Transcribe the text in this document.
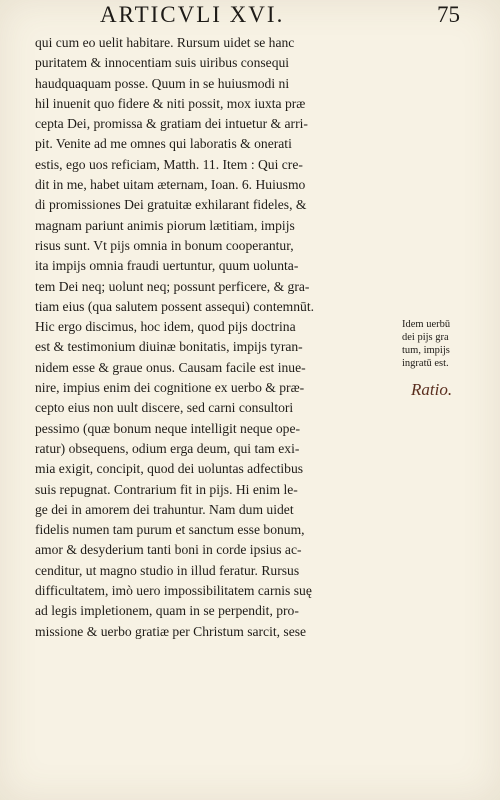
ARTICVLI XVI.	75
qui cum eo uelit habitare. Rursum uidet se hanc
puritatem & innocentiam suis uiribus consequi
haudquaquam posse. Quum in se huiusmodi ni
hil inuenit quo fidere & niti possit, mox iuxta præ
cepta Dei, promissa & gratiam dei intuetur & arri-
pit. Venite ad me omnes qui laboratis & onerati
estis, ego uos reficiam, Matth. 11. Item : Qui cre-
dit in me, habet uitam æternam, Ioan. 6. Huiusmo
di promissiones Dei gratuitæ exhilarant fideles, &
magnam pariunt animis piorum lætitiam, impijs
risus sunt. Vt pijs omnia in bonum cooperantur,
ita impijs omnia fraudi uertuntur, quum uolunta-
tem Dei neq; uolunt neq; possunt perficere, & gra-
tiam eius (qua salutem possent assequi) contemnūt.
Hic ergo discimus, hoc idem, quod pijs doctrina
est & testimonium diuinæ bonitatis, impijs tyran-
nidem esse & graue onus. Causam facile est inue-
nire, impius enim dei cognitione ex uerbo & præ-
cepto eius non uult discere, sed carni consultori
pessimo (quæ bonum neque intelligit neque ope-
ratur) obsequens, odium erga deum, qui tam exi-
mia exigit, concipit, quod dei uoluntas adfectibus
suis repugnat. Contrarium fit in pijs. Hi enim le-
ge dei in amorem dei trahuntur. Nam dum uidet
fidelis numen tam purum et sanctum esse bonum,
amor & desyderium tanti boni in corde ipsius ac-
cenditur, ut magno studio in illud feratur. Rursus
difficultatem, imò uero impossibilitatem carnis suę
ad legis impletionem, quam in se perpendit, pro-
missione & uerbo gratiæ per Christum sarcit, sese
Idem uerbū
dei pijs gra
tum, impijs
ingratū est.
Ratio.
